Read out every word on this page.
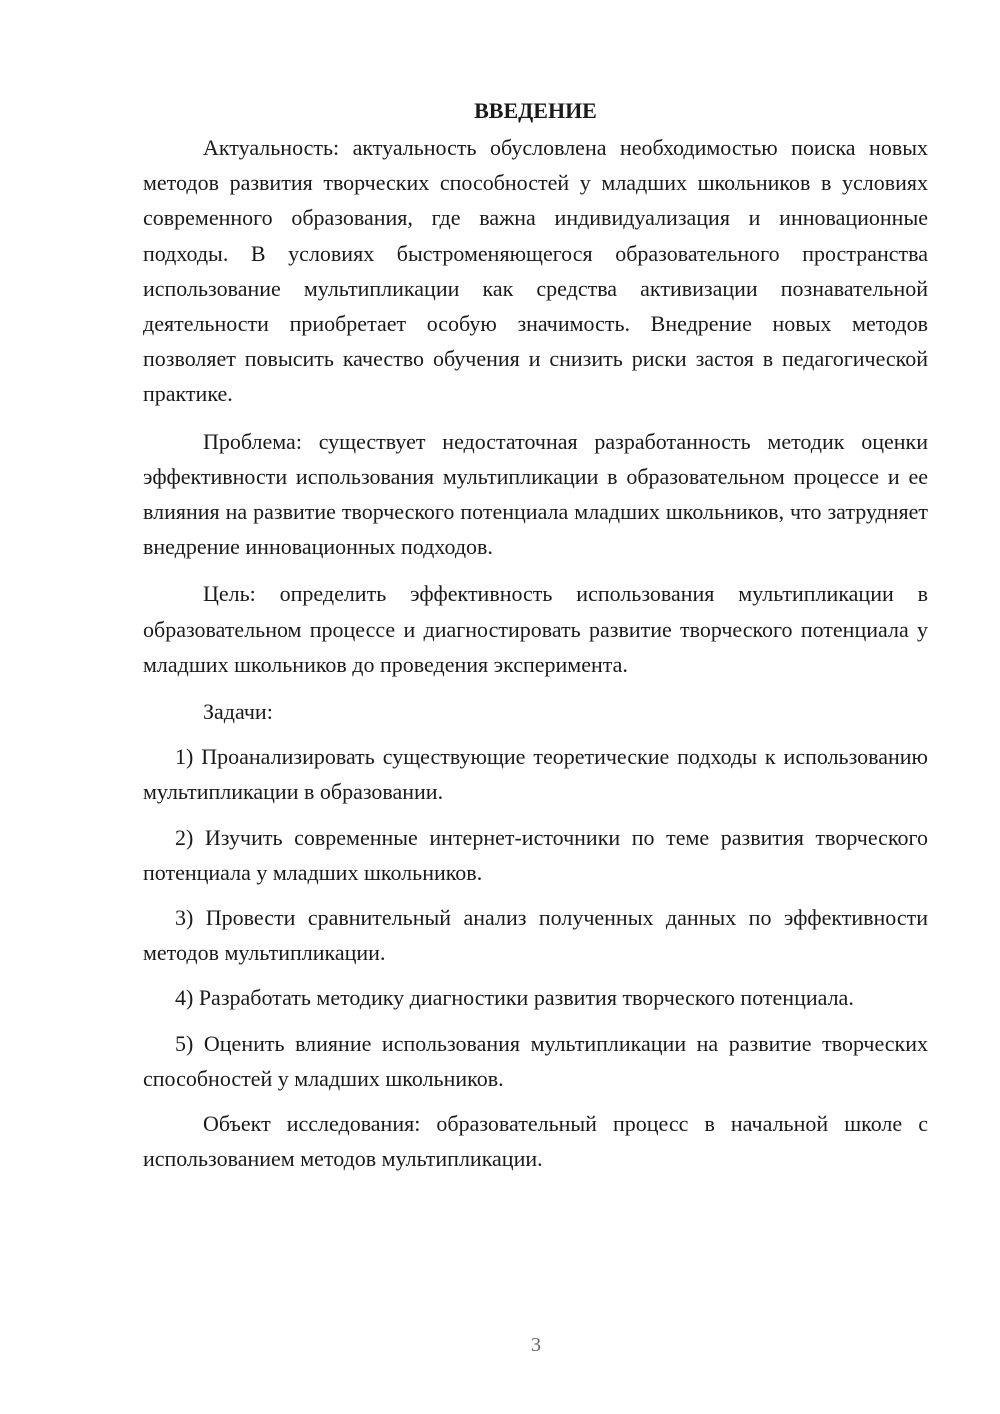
ВВЕДЕНИЕ

Актуальность: актуальность обусловлена необходимостью поиска новых методов развития творческих способностей у младших школьников в условиях современного образования, где важна индивидуализация и инновационные подходы. В условиях быстроменяющегося образовательного пространства использование мультипликации как средства активизации познавательной деятельности приобретает особую значимость. Внедрение новых методов позволяет повысить качество обучения и снизить риски застоя в педагогической практике.

Проблема: существует недостаточная разработанность методик оценки эффективности использования мультипликации в образовательном процессе и ее влияния на развитие творческого потенциала младших школьников, что затрудняет внедрение инновационных подходов.

Цель: определить эффективность использования мультипликации в образовательном процессе и диагностировать развитие творческого потенциала у младших школьников до проведения эксперимента.

Задачи:

1) Проанализировать существующие теоретические подходы к использованию мультипликации в образовании.

2) Изучить современные интернет-источники по теме развития творческого потенциала у младших школьников.

3) Провести сравнительный анализ полученных данных по эффективности методов мультипликации.

4) Разработать методику диагностики развития творческого потенциала.

5) Оценить влияние использования мультипликации на развитие творческих способностей у младших школьников.

Объект исследования: образовательный процесс в начальной школе с использованием методов мультипликации.

3
